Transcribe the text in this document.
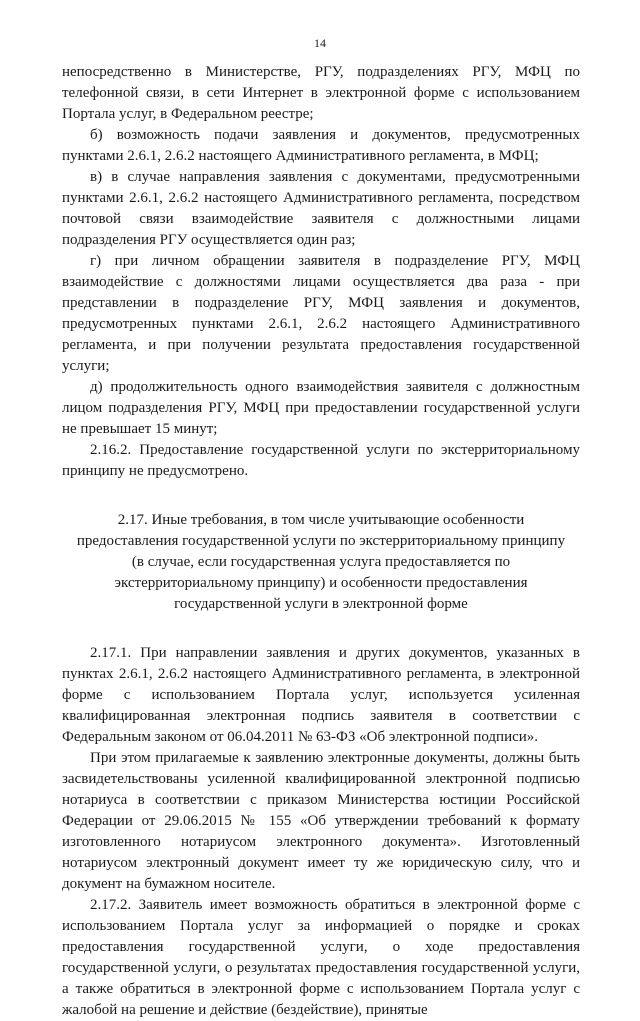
14

непосредственно в Министерстве, РГУ, подразделениях РГУ, МФЦ по телефонной связи, в сети Интернет в электронной форме с использованием Портала услуг, в Федеральном реестре;

б) возможность подачи заявления и документов, предусмотренных пунктами 2.6.1, 2.6.2 настоящего Административного регламента, в МФЦ;

в) в случае направления заявления с документами, предусмотренными пунктами 2.6.1, 2.6.2 настоящего Административного регламента, посредством почтовой связи взаимодействие заявителя с должностными лицами подразделения РГУ осуществляется один раз;

г) при личном обращении заявителя в подразделение РГУ, МФЦ взаимодействие с должностями лицами осуществляется два раза - при представлении в подразделение РГУ, МФЦ заявления и документов, предусмотренных пунктами 2.6.1, 2.6.2 настоящего Административного регламента, и при получении результата предоставления государственной услуги;

д) продолжительность одного взаимодействия заявителя с должностным лицом подразделения РГУ, МФЦ при предоставлении государственной услуги не превышает 15 минут;

2.16.2. Предоставление государственной услуги по экстерриториальному принципу не предусмотрено.

2.17. Иные требования, в том числе учитывающие особенности предоставления государственной услуги по экстерриториальному принципу (в случае, если государственная услуга предоставляется по экстерриториальному принципу) и особенности предоставления государственной услуги в электронной форме

2.17.1. При направлении заявления и других документов, указанных в пунктах 2.6.1, 2.6.2 настоящего Административного регламента, в электронной форме с использованием Портала услуг, используется усиленная квалифицированная электронная подпись заявителя в соответствии с Федеральным законом от 06.04.2011 № 63-ФЗ «Об электронной подписи».

При этом прилагаемые к заявлению электронные документы, должны быть засвидетельствованы усиленной квалифицированной электронной подписью нотариуса в соответствии с приказом Министерства юстиции Российской Федерации от 29.06.2015 № 155 «Об утверждении требований к формату изготовленного нотариусом электронного документа». Изготовленный нотариусом электронный документ имеет ту же юридическую силу, что и документ на бумажном носителе.

2.17.2. Заявитель имеет возможность обратиться в электронной форме с использованием Портала услуг за информацией о порядке и сроках предоставления государственной услуги, о ходе предоставления государственной услуги, о результатах предоставления государственной услуги, а также обратиться в электронной форме с использованием Портала услуг с жалобой на решение и действие (бездействие), принятые
